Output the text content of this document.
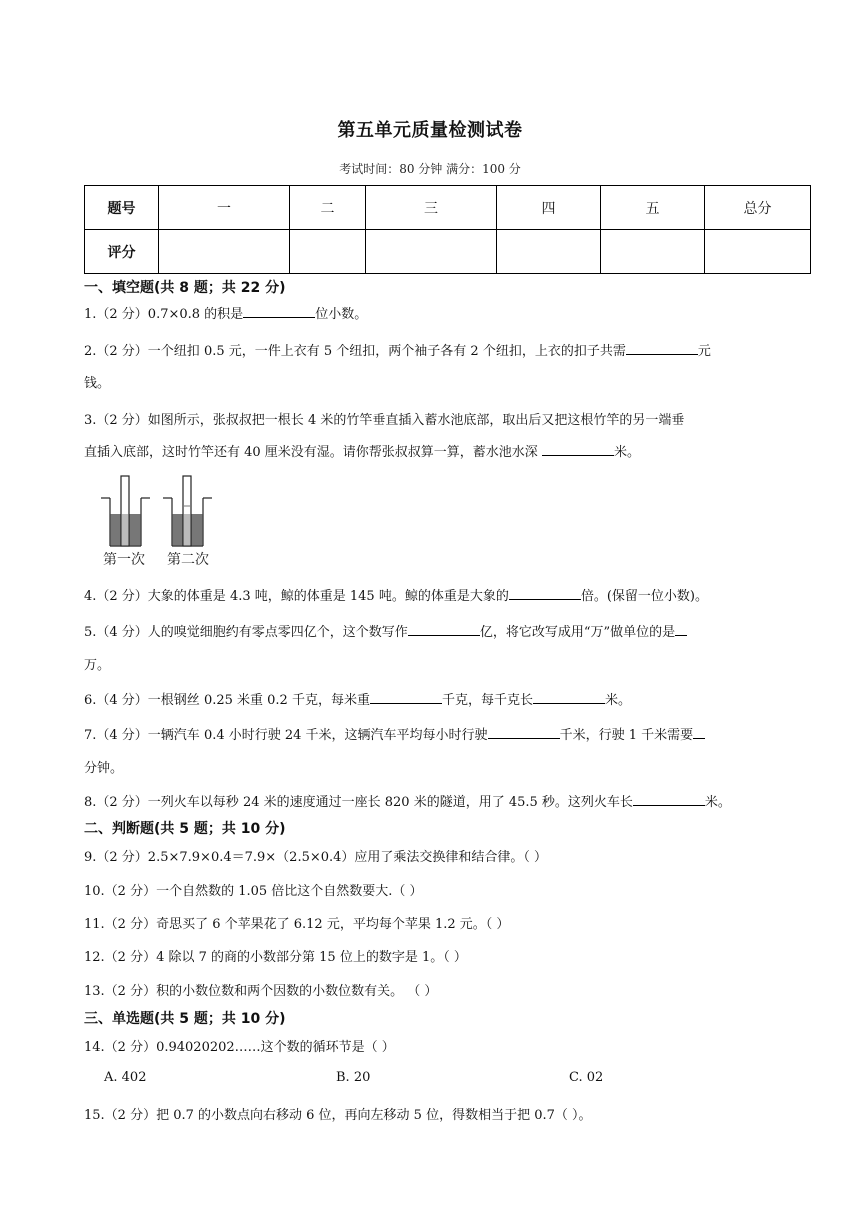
第五单元质量检测试卷
考试时间：80 分钟 满分：100 分
题号	一	二	三	四	五	总分
评分						
一、填空题(共 8 题；共 22 分)
1.（2 分）0.7×0.8 的积是	位小数。
2.（2 分）一个纽扣 0.5 元，一件上衣有 5 个纽扣，两个袖子各有 2 个纽扣，上衣的扣子共需	元
钱。
3.（2 分）如图所示，张叔叔把一根长 4 米的竹竿垂直插入蓄水池底部，取出后又把这根竹竿的另一端垂
直插入底部，这时竹竿还有 40 厘米没有湿。请你帮张叔叔算一算，蓄水池水深	米。
第一次 第二次
4.（2 分）大象的体重是 4.3 吨，鲸的体重是 145 吨。鲸的体重是大象的	倍。(保留一位小数)。
5.（4 分）人的嗅觉细胞约有零点零四亿个，这个数写作	亿，将它改写成用“万”做单位的是
万。
6.（4 分）一根钢丝 0.25 米重 0.2 千克，每米重	千克，每千克长	米。
7.（4 分）一辆汽车 0.4 小时行驶 24 千米，这辆汽车平均每小时行驶	千米，行驶 1 千米需要
分钟。
8.（2 分）一列火车以每秒 24 米的速度通过一座长 820 米的隧道，用了 45.5 秒。这列火车长	米。
二、判断题(共 5 题；共 10 分)
9.（2 分）2.5×7.9×0.4＝7.9×（2.5×0.4）应用了乘法交换律和结合律。（ ）
10.（2 分）一个自然数的 1.05 倍比这个自然数要大.（ ）
11.（2 分）奇思买了 6 个苹果花了 6.12 元，平均每个苹果 1.2 元。（ ）
12.（2 分）4 除以 7 的商的小数部分第 15 位上的数字是 1。（ ）
13.（2 分）积的小数位数和两个因数的小数位数有关。 （ ）
三、单选题(共 5 题；共 10 分)
14.（2 分）0.94020202……这个数的循环节是（ ）
A. 402	B. 20	C. 02
15.（2 分）把 0.7 的小数点向右移动 6 位，再向左移动 5 位，得数相当于把 0.7（ ）。
